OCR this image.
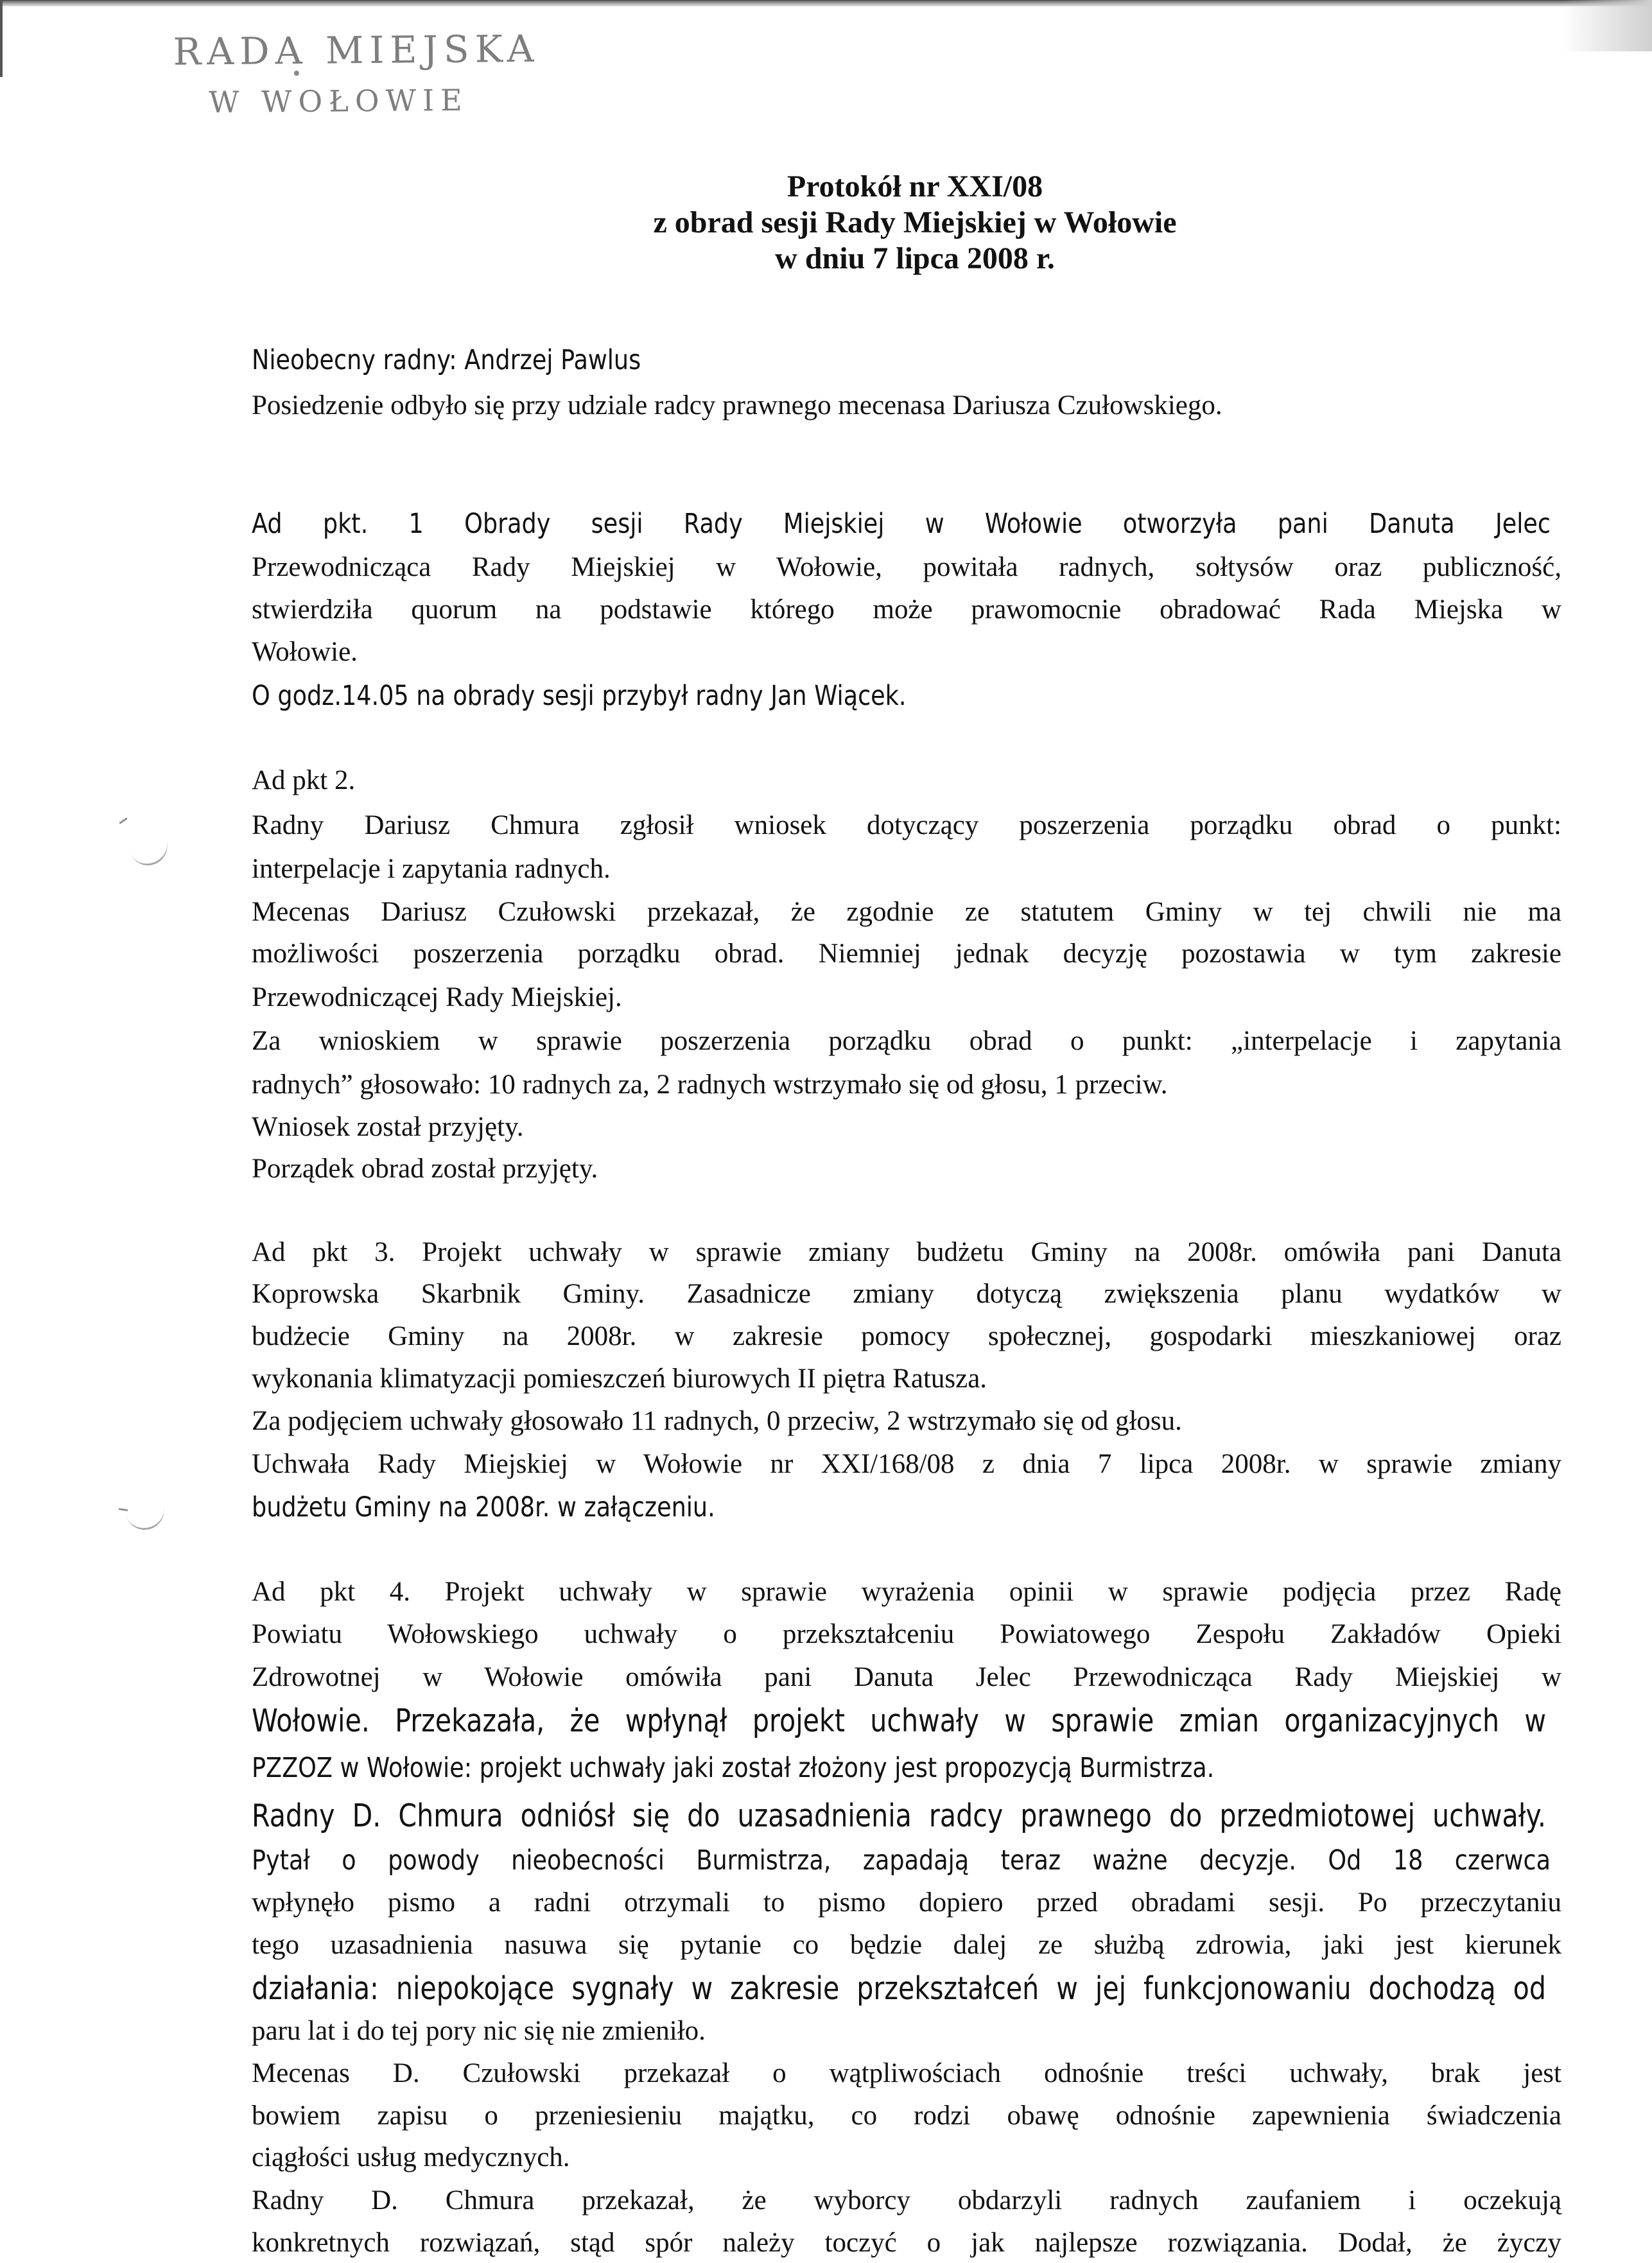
RADA MIEJSKA
W WOŁOWIE
Protokół nr XXI/08
z obrad sesji Rady Miejskiej w Wołowie
w dniu 7 lipca 2008 r.
Nieobecny radny: Andrzej Pawlus
Posiedzenie odbyło się przy udziale radcy prawnego mecenasa Dariusza Czułowskiego.
Ad pkt. 1 Obrady sesji Rady Miejskiej w Wołowie otworzyła pani Danuta Jelec
Przewodnicząca Rady Miejskiej w Wołowie, powitała radnych, sołtysów oraz publiczność,
stwierdziła quorum na podstawie którego może prawomocnie obradować Rada Miejska w
Wołowie.
O godz.14.05 na obrady sesji przybył radny Jan Wiącek.
Ad pkt 2.
Radny Dariusz Chmura zgłosił wniosek dotyczący poszerzenia porządku obrad o punkt:
interpelacje i zapytania radnych.
Mecenas Dariusz Czułowski przekazał, że zgodnie ze statutem Gminy w tej chwili nie ma
możliwości poszerzenia porządku obrad. Niemniej jednak decyzję pozostawia w tym zakresie
Przewodniczącej Rady Miejskiej.
Za wnioskiem w sprawie poszerzenia porządku obrad o punkt: „interpelacje i zapytania
radnych” głosowało: 10 radnych za, 2 radnych wstrzymało się od głosu, 1 przeciw.
Wniosek został przyjęty.
Porządek obrad został przyjęty.
Ad pkt 3. Projekt uchwały w sprawie zmiany budżetu Gminy na 2008r. omówiła pani Danuta
Koprowska Skarbnik Gminy. Zasadnicze zmiany dotyczą zwiększenia planu wydatków w
budżecie Gminy na 2008r. w zakresie pomocy społecznej, gospodarki mieszkaniowej oraz
wykonania klimatyzacji pomieszczeń biurowych II piętra Ratusza.
Za podjęciem uchwały głosowało 11 radnych, 0 przeciw, 2 wstrzymało się od głosu.
Uchwała Rady Miejskiej w Wołowie nr XXI/168/08 z dnia 7 lipca 2008r. w sprawie zmiany
budżetu Gminy na 2008r. w załączeniu.
Ad pkt 4. Projekt uchwały w sprawie wyrażenia opinii w sprawie podjęcia przez Radę
Powiatu Wołowskiego uchwały o przekształceniu Powiatowego Zespołu Zakładów Opieki
Zdrowotnej w Wołowie omówiła pani Danuta Jelec Przewodnicząca Rady Miejskiej w
Wołowie. Przekazała, że wpłynął projekt uchwały w sprawie zmian organizacyjnych w
PZZOZ w Wołowie: projekt uchwały jaki został złożony jest propozycją Burmistrza.
Radny D. Chmura odniósł się do uzasadnienia radcy prawnego do przedmiotowej uchwały.
Pytał o powody nieobecności Burmistrza, zapadają teraz ważne decyzje. Od 18 czerwca
wpłynęło pismo a radni otrzymali to pismo dopiero przed obradami sesji. Po przeczytaniu
tego uzasadnienia nasuwa się pytanie co będzie dalej ze służbą zdrowia, jaki jest kierunek
działania: niepokojące sygnały w zakresie przekształceń w jej funkcjonowaniu dochodzą od
paru lat i do tej pory nic się nie zmieniło.
Mecenas D. Czułowski przekazał o wątpliwościach odnośnie treści uchwały, brak jest
bowiem zapisu o przeniesieniu majątku, co rodzi obawę odnośnie zapewnienia świadczenia
ciągłości usług medycznych.
Radny D. Chmura przekazał, że wyborcy obdarzyli radnych zaufaniem i oczekują
konkretnych rozwiązań, stąd spór należy toczyć o jak najlepsze rozwiązania. Dodał, że życzy
